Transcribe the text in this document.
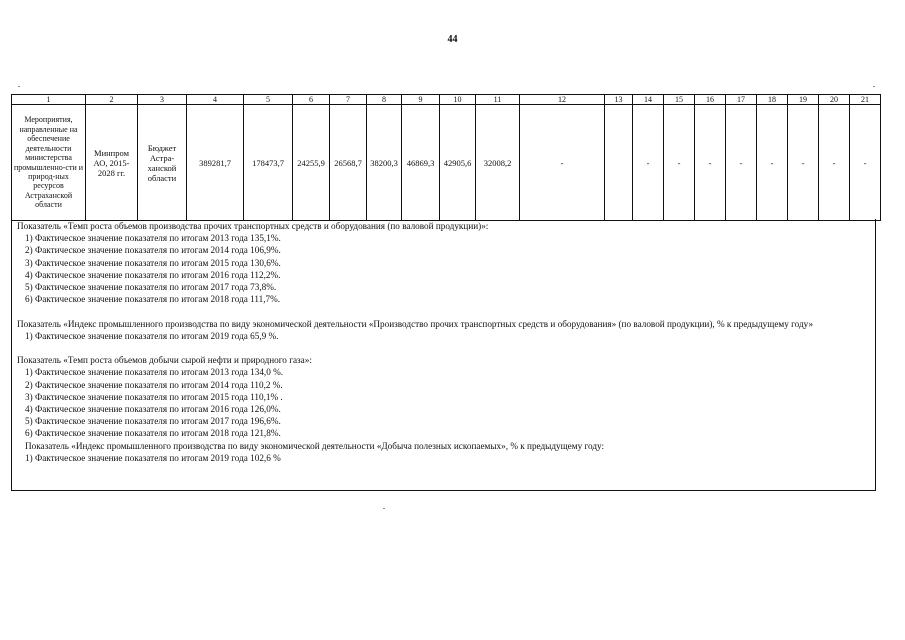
44
1	2	3	4	5	6	7	8	9	10	11	12	13	14	15	16	17	18	19	20	21
Мероприятия, направленные на обеспечение деятельности министерства промышленно-сти и природ-ных ресурсов Астраханской области	Минпром АО, 2015-2028 гг.	Бюджет Астра-ханской области	389281,7	178473,7	24255,9	26568,7	38200,3	46869,3	42905,6	32008,2	-		-	-	-	-	-	-	-	-
Показатель «Темп роста объемов производства прочих транспортных средств и оборудования (по валовой продукции)»:
1) Фактическое значение показателя по итогам 2013 года 135,1%.
2) Фактическое значение показателя по итогам 2014 года 106,9%.
3) Фактическое значение показателя по итогам 2015 года 130,6%.
4) Фактическое значение показателя по итогам 2016 года 112,2%.
5) Фактическое значение показателя по итогам 2017 года 73,8%.
6) Фактическое значение показателя по итогам 2018 года 111,7%.
Показатель «Индекс промышленного производства по виду экономической деятельности «Производство прочих транспортных средств и оборудования» (по валовой продукции), % к предыдущему году»
1) Фактическое значение показателя по итогам 2019 года 65,9 %.
Показатель «Темп роста объемов добычи сырой нефти и природного газа»:
1) Фактическое значение показателя по итогам 2013 года 134,0 %.
2) Фактическое значение показателя по итогам 2014 года 110,2 %.
3) Фактическое значение показателя по итогам 2015 года 110,1% .
4) Фактическое значение показателя по итогам 2016 года 126,0%.
5) Фактическое значение показателя по итогам 2017 года 196,6%.
6) Фактическое значение показателя по итогам 2018 года 121,8%.
Показатель «Индекс промышленного производства по виду экономической деятельности «Добыча полезных ископаемых», % к предыдущему году:
1) Фактическое значение показателя по итогам 2019 года 102,6 %
